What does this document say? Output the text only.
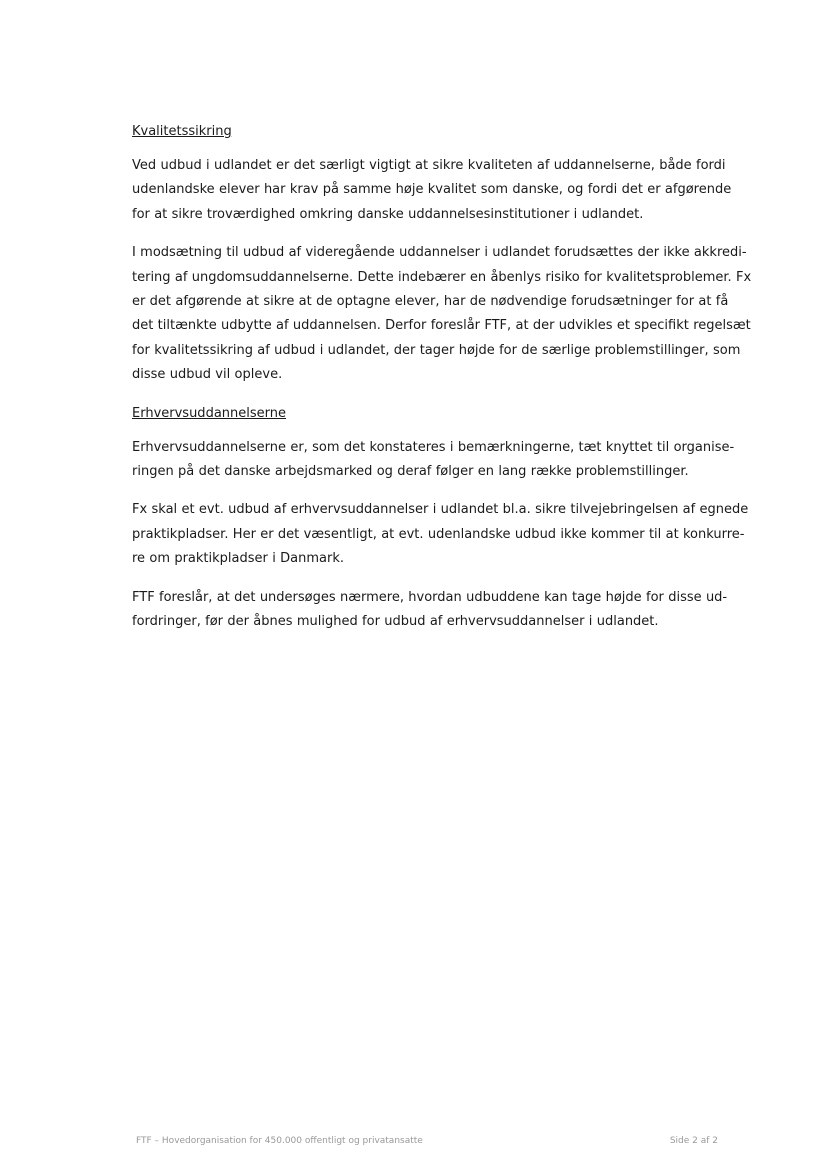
Kvalitetssikring
Ved udbud i udlandet er det særligt vigtigt at sikre kvaliteten af uddannelserne, både fordi
udenlandske elever har krav på samme høje kvalitet som danske, og fordi det er afgørende
for at sikre troværdighed omkring danske uddannelsesinstitutioner i udlandet.
I modsætning til udbud af videregående uddannelser i udlandet forudsættes der ikke akkredi-
tering af ungdomsuddannelserne. Dette indebærer en åbenlys risiko for kvalitetsproblemer. Fx
er det afgørende at sikre at de optagne elever, har de nødvendige forudsætninger for at få
det tiltænkte udbytte af uddannelsen. Derfor foreslår FTF, at der udvikles et specifikt regelsæt
for kvalitetssikring af udbud i udlandet, der tager højde for de særlige problemstillinger, som
disse udbud vil opleve.
Erhvervsuddannelserne
Erhvervsuddannelserne er, som det konstateres i bemærkningerne, tæt knyttet til organise-
ringen på det danske arbejdsmarked og deraf følger en lang række problemstillinger.
Fx skal et evt. udbud af erhvervsuddannelser i udlandet bl.a. sikre tilvejebringelsen af egnede
praktikpladser. Her er det væsentligt, at evt. udenlandske udbud ikke kommer til at konkurre-
re om praktikpladser i Danmark.
FTF foreslår, at det undersøges nærmere, hvordan udbuddene kan tage højde for disse ud-
fordringer, før der åbnes mulighed for udbud af erhvervsuddannelser i udlandet.
FTF – Hovedorganisation for 450.000 offentligt og privatansatte	Side 2 af 2
